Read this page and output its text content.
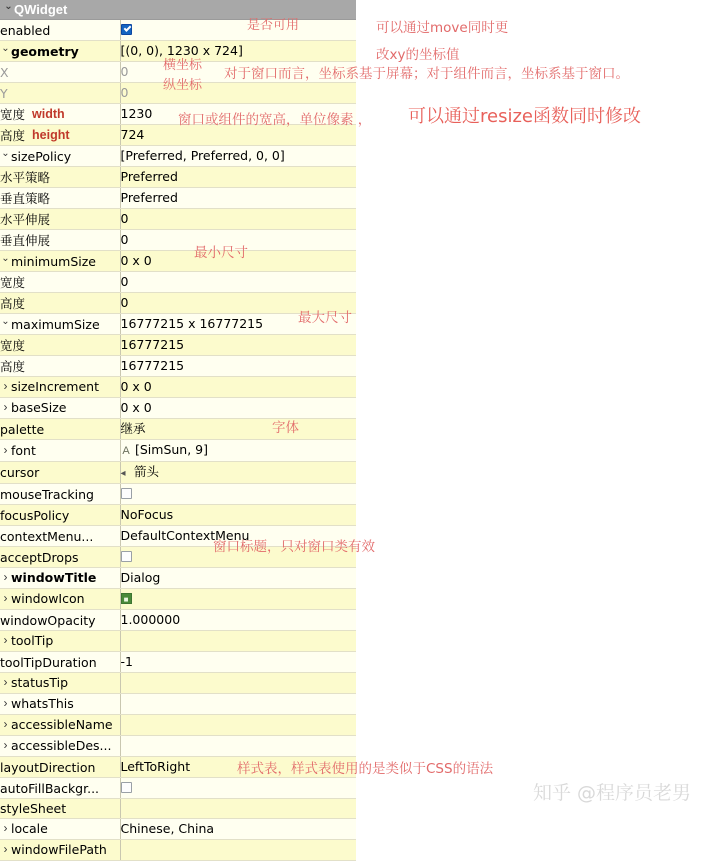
⌄QWidget
enabled	
⌄geometry	[(0, 0), 1230 x 724]
X	0
Y	0
宽度 width	1230
高度 height	724
⌄sizePolicy	[Preferred, Preferred, 0, 0]
水平策略	Preferred
垂直策略	Preferred
水平伸展	0
垂直伸展	0
⌄minimumSize	0 x 0
宽度	0
高度	0
⌄maximumSize	16777215 x 16777215
宽度	16777215
高度	16777215
›sizeIncrement	0 x 0
›baseSize	0 x 0
palette	继承
›font	A [SimSun, 9]
cursor	◂ 箭头
mouseTracking	
focusPolicy	NoFocus
contextMenu...	DefaultContextMenu
acceptDrops	
›windowTitle	Dialog
›windowIcon	■
windowOpacity	1.000000
›toolTip	
toolTipDuration	-1
›statusTip	
›whatsThis	
›accessibleName	
›accessibleDes...	
layoutDirection	LeftToRight
autoFillBackgr...	
styleSheet	
›locale	Chinese, China
›windowFilePath	
是否可用	可以通过move同时更
改xy的坐标值
横坐标
纵坐标
对于窗口而言，坐标系基于屏幕；对于组件而言，坐标系基于窗口。
窗口或组件的宽高，单位像素 ， 可以通过resize函数同时修改
最小尺寸
最大尺寸
字体
窗口标题，只对窗口类有效
样式表，样式表使用的是类似于CSS的语法
知乎 @程序员老男
